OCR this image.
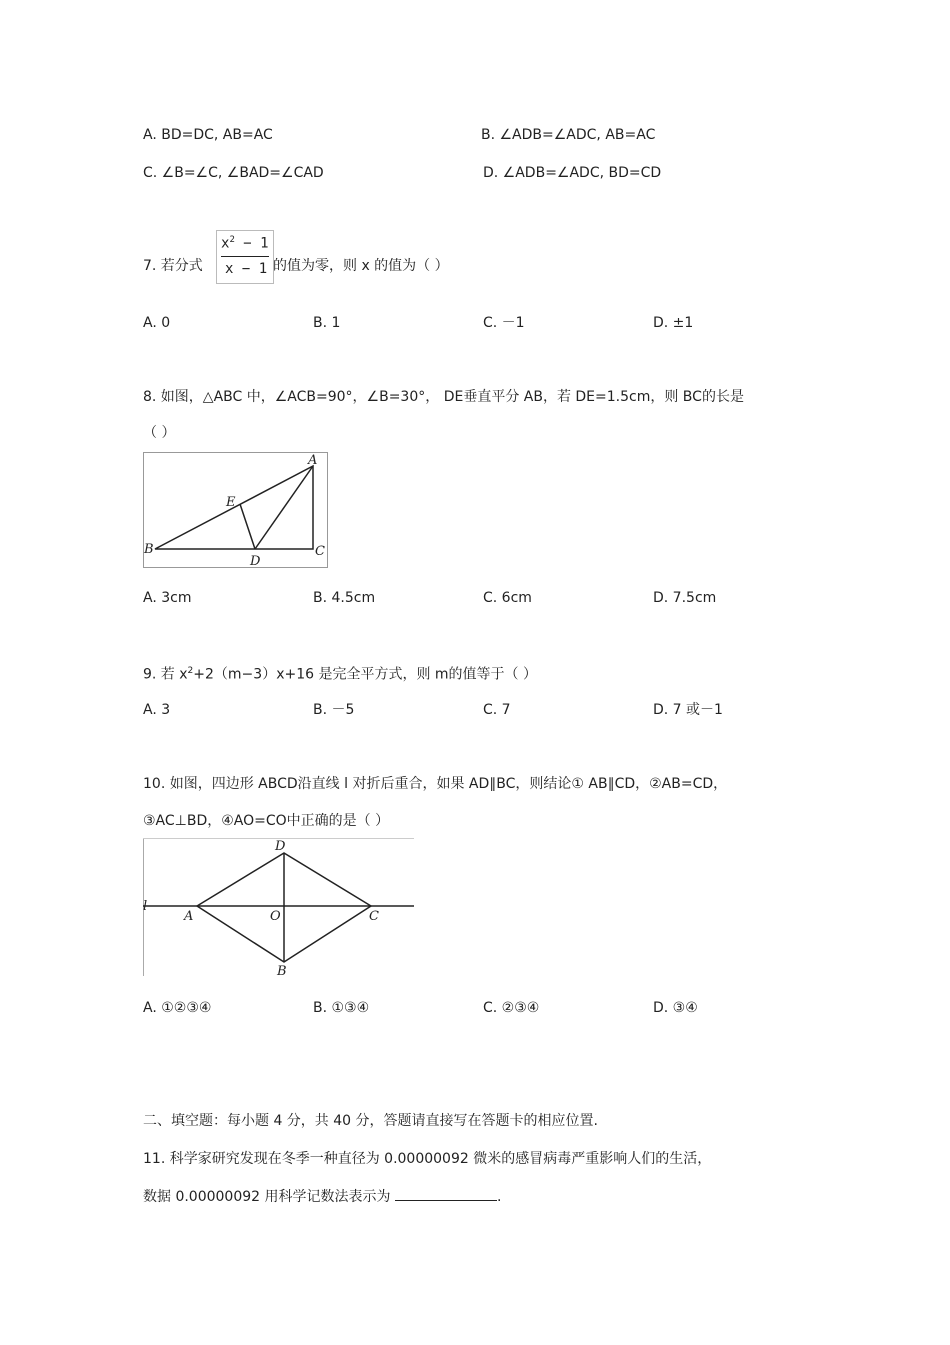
A. BD=DC, AB=AC	B. ∠ADB=∠ADC, AB=AC
C. ∠B=∠C, ∠BAD=∠CAD	D. ∠ADB=∠ADC, BD=CD
7. 若分式
$x^2 - 1$
x − 1 的值为零，则 x 的值为（ ）
A. 0	B. 1	C. －1	D. ±1
8. 如图，△ABC 中，∠ACB=90°，∠B=30°， DE垂直平分 AB，若 DE=1.5cm，则 BC的长是
（ ）
A
B	C
D
E
A. 3cm	B. 4.5cm	C. 6cm	D. 7.5cm
9. 若 $x^2+2(m-3)x+16$ 是完全平方式，则 m的值等于（ ）
A. 3	B. －5	C. 7	D. 7 或－1
10. 如图，四边形 ABCD沿直线 l 对折后重合，如果 AD∥BC，则结论① AB∥CD，②AB=CD，
③AC⊥BD，④AO=CO中正确的是（ ）
l
A
D
O	C
B
A. ①②③④	B. ①③④	C. ②③④	D. ③④
二、填空题：每小题 4 分，共 40 分，答题请直接写在答题卡的相应位置.
11. 科学家研究发现在冬季一种直径为 0.00000092 微米的感冒病毒严重影响人们的生活，
数据 0.00000092 用科学记数法表示为	.
